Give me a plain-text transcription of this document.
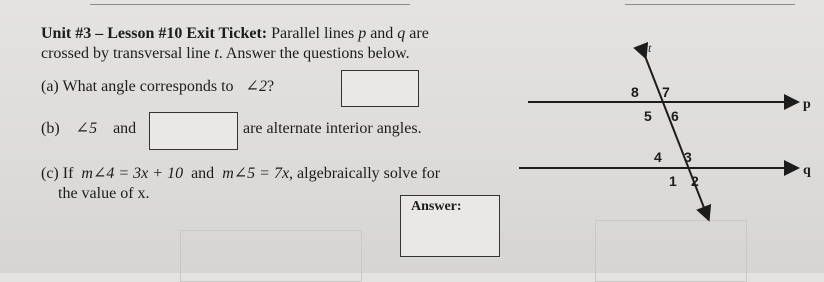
Unit #3 – Lesson #10 Exit Ticket: Parallel lines p and q are
crossed by transversal line t. Answer the questions below.
(a) What angle corresponds to ∠2?
(b) ∠5 and	are alternate interior angles.
(c) If m∠4 = 3x + 10 and m∠5 = 7x, algebraically solve for
the value of x.
Answer:
t
p
q
8 7
5 6
4 3
1 2
